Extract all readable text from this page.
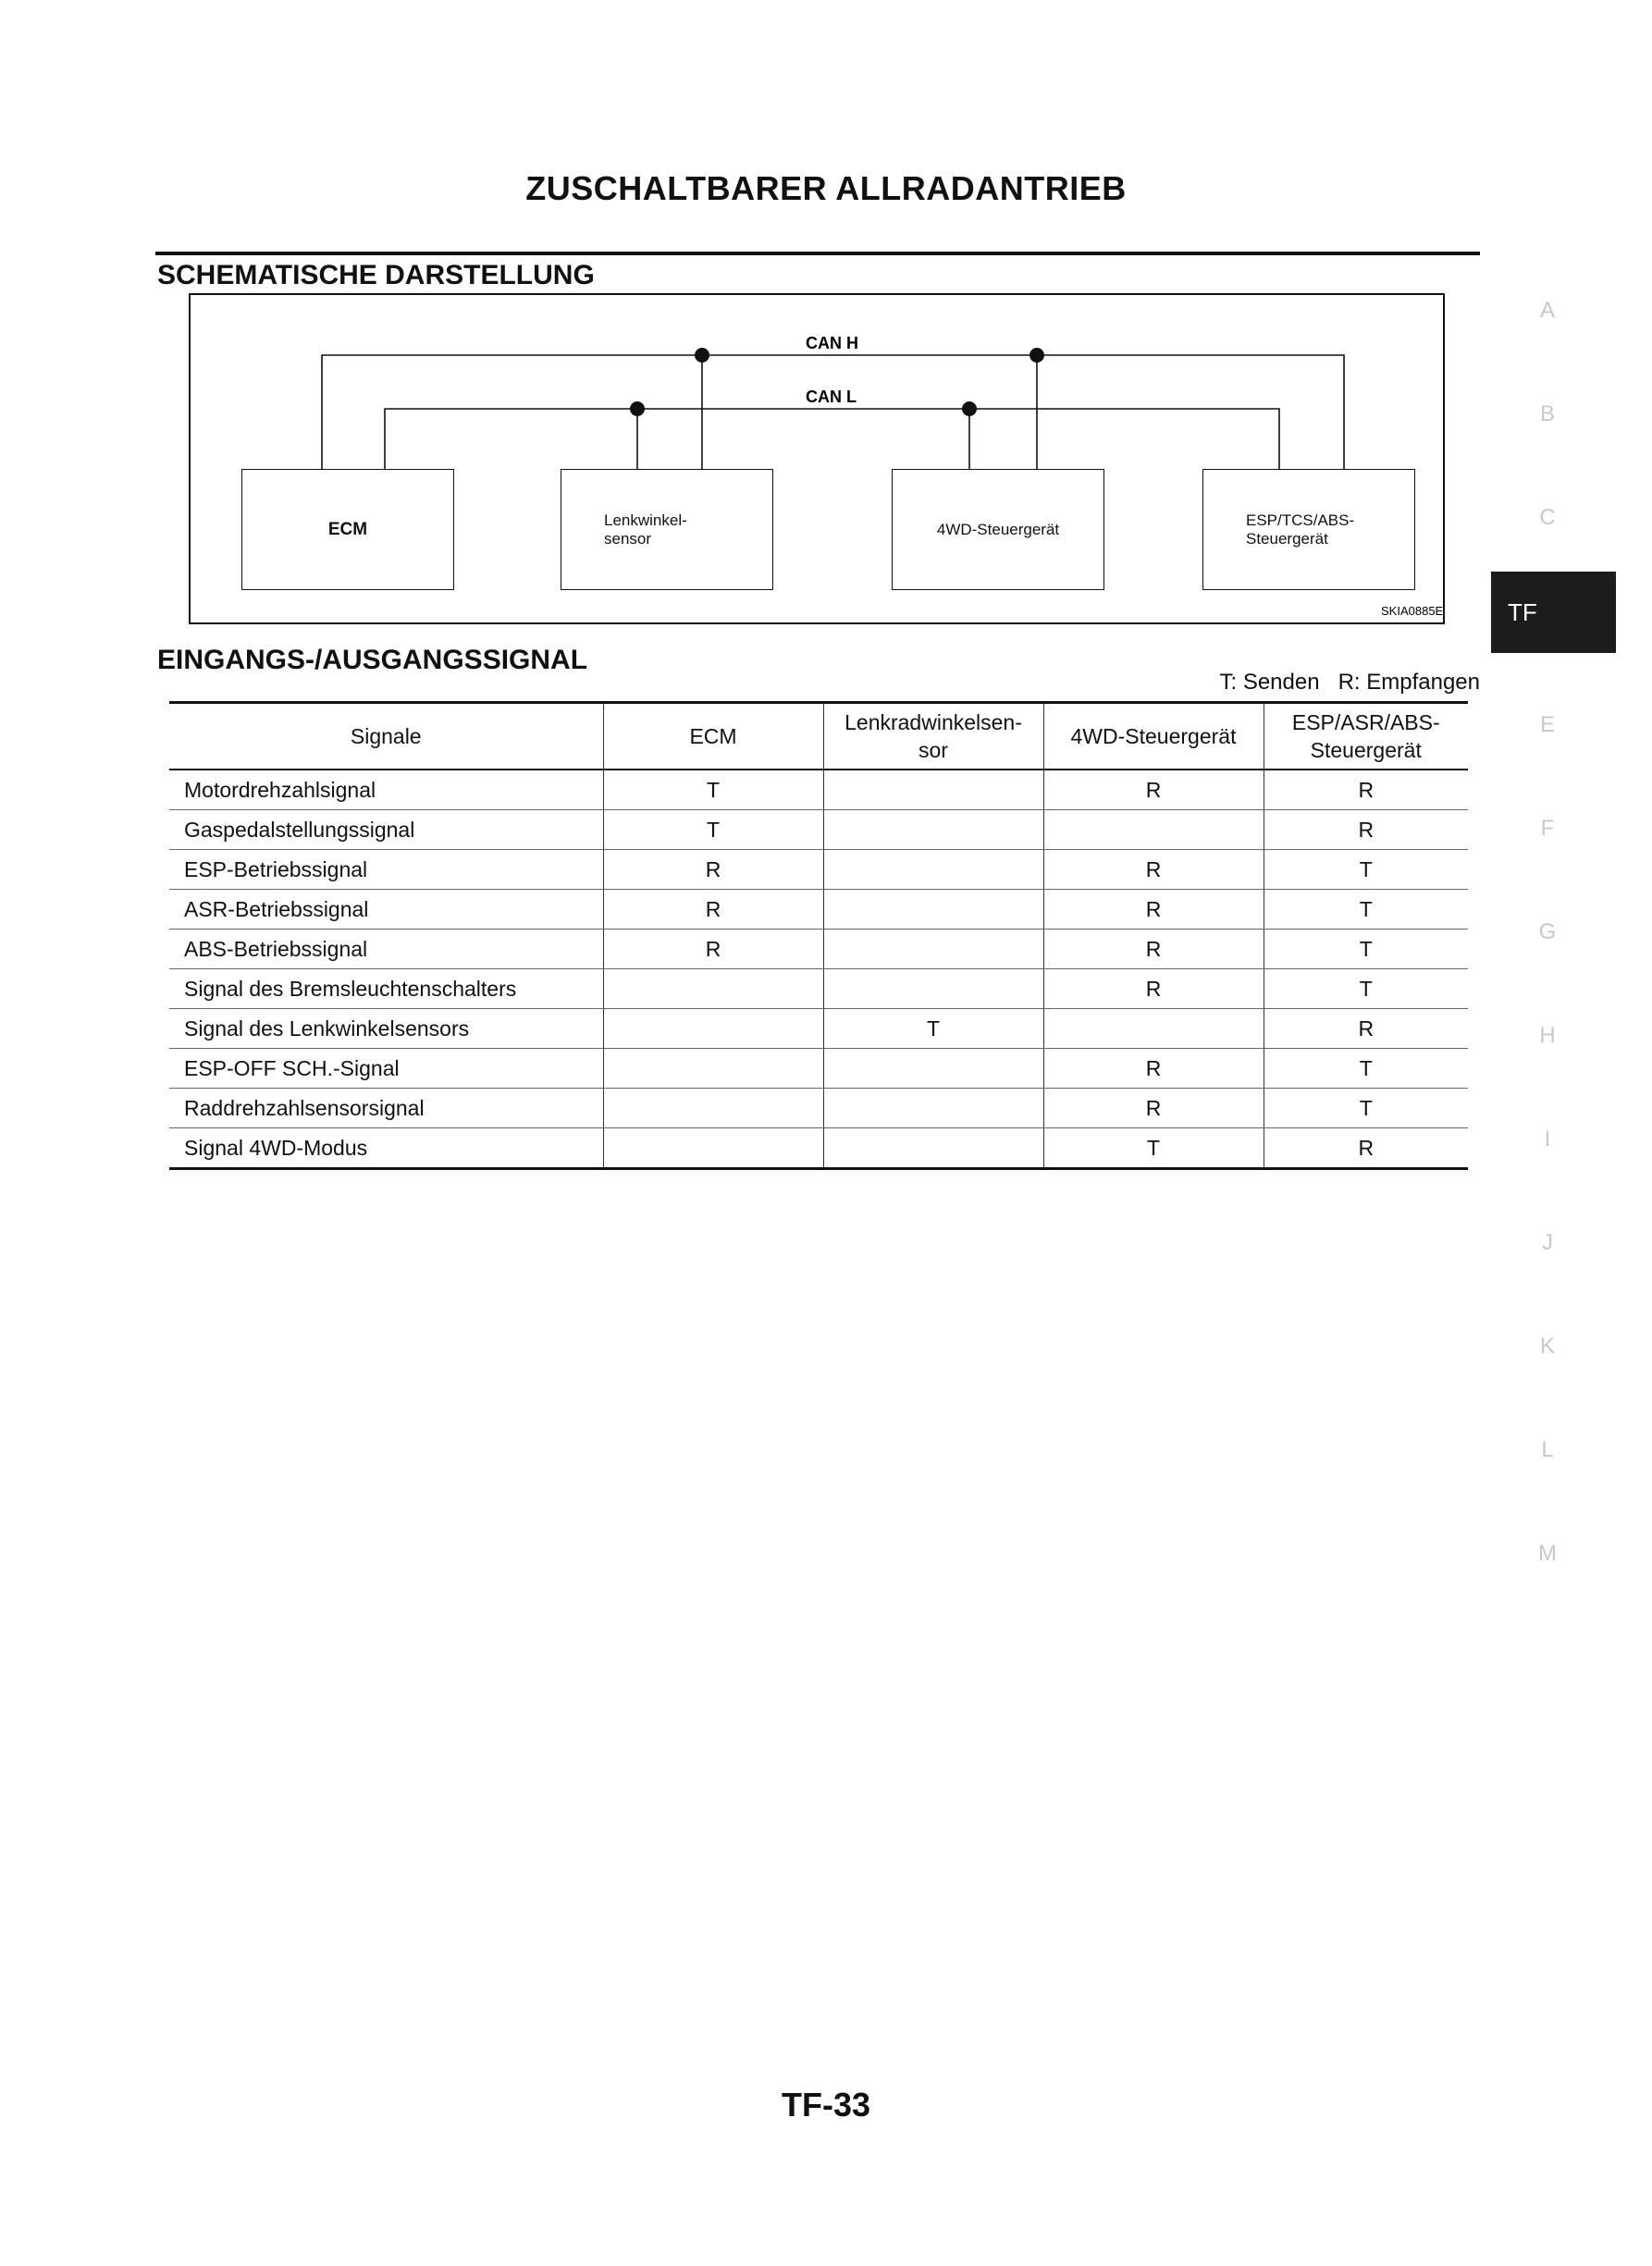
ZUSCHALTBARER ALLRADANTRIEB
SCHEMATISCHE DARSTELLUNG
CAN H
CAN L
SKIA0885E
ECM	Lenkwinkel-
sensor
4WD-Steuergerät
ESP/TCS/ABS-
Steuergerät
EINGANGS-/AUSGANGSSIGNAL
T: Senden   R: Empfangen
Signale	ECM	Lenkradwinkelsen-
sor	4WD-Steuergerät	ESP/ASR/ABS-
Steuergerät
Motordrehzahlsignal	T		R	R
Gaspedalstellungssignal	T			R
ESP-Betriebssignal	R		R	T
ASR-Betriebssignal	R		R	T
ABS-Betriebssignal	R		R	T
Signal des Bremsleuchtenschalters			R	T
Signal des Lenkwinkelsensors		T		R
ESP-OFF SCH.-Signal			R	T
Raddrehzahlsensorsignal			R	T
Signal 4WD-Modus			T	R
A
B
C
TF
E
F
G
H
I
J
K
L
M
TF-33
